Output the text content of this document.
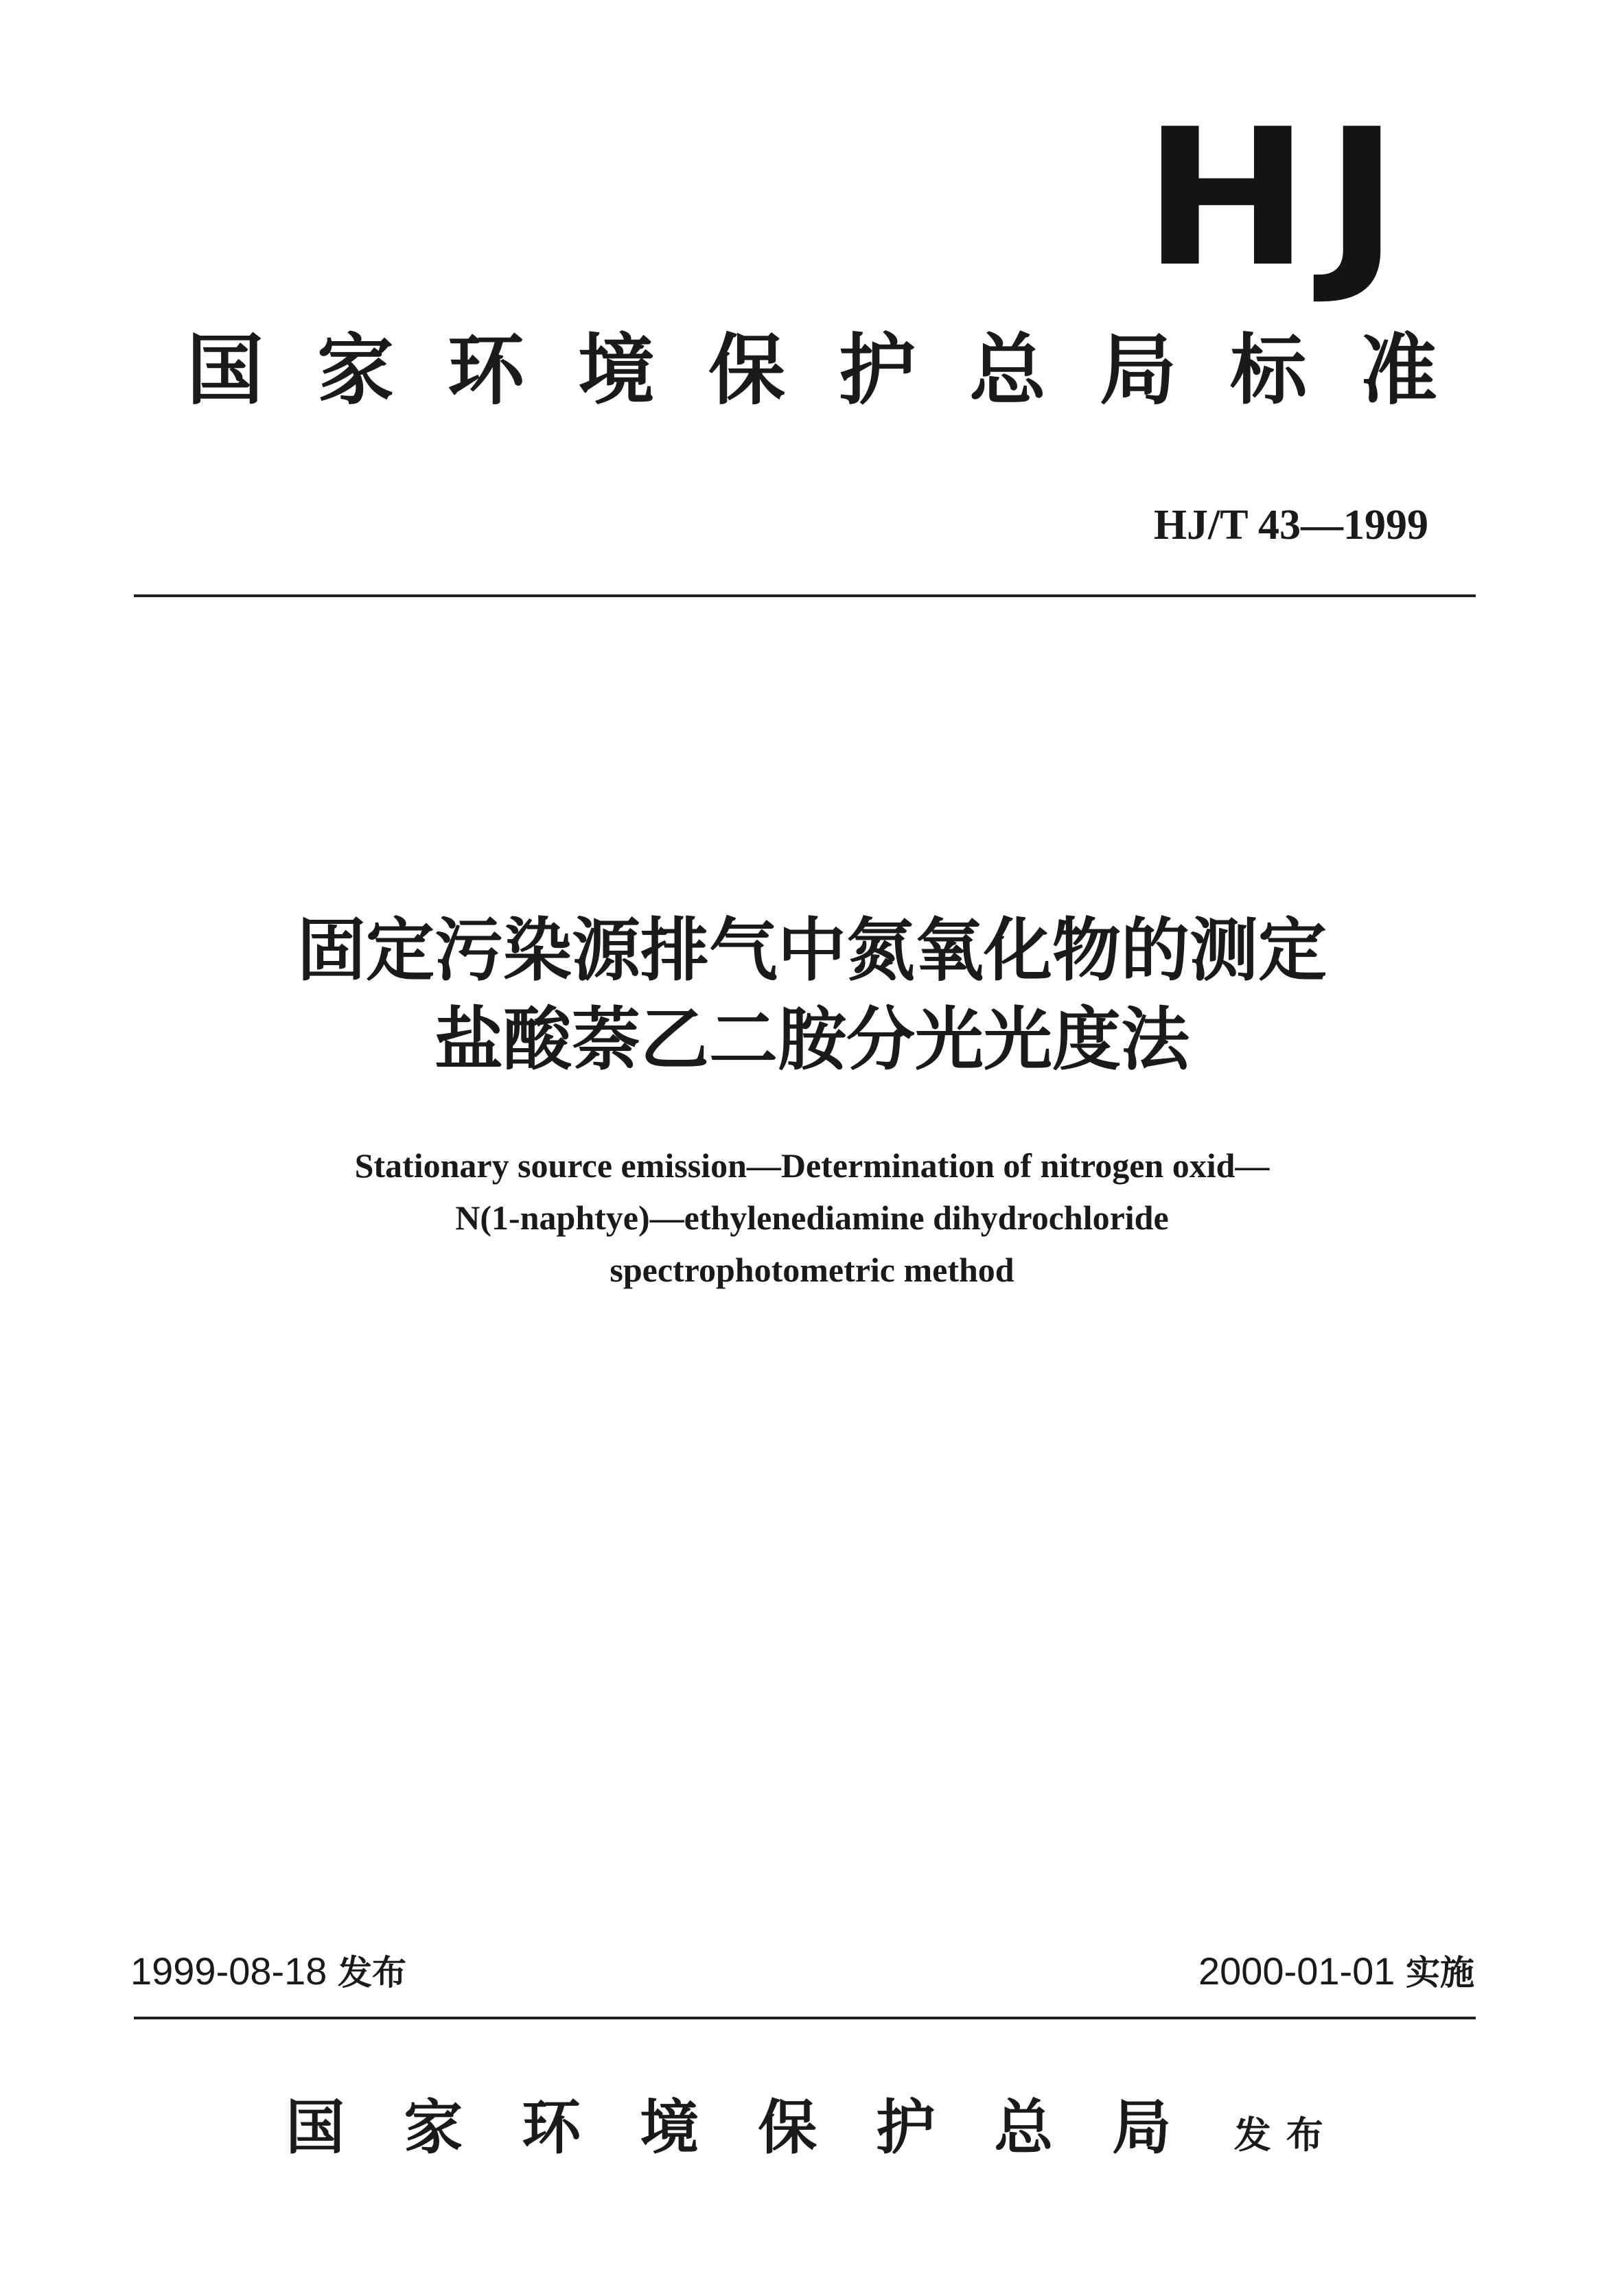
HJ
国家环境保护总局标准
HJ/T 43—1999
固定污染源排气中氮氧化物的测定
盐酸萘乙二胺分光光度法
Stationary source emission—Determination of nitrogen oxid—
N(1-naphtye)—ethylenediamine dihydrochloride
spectrophotometric method
1999-08-18 发布	2000-01-01 实施
国家环境保护总局 发布
